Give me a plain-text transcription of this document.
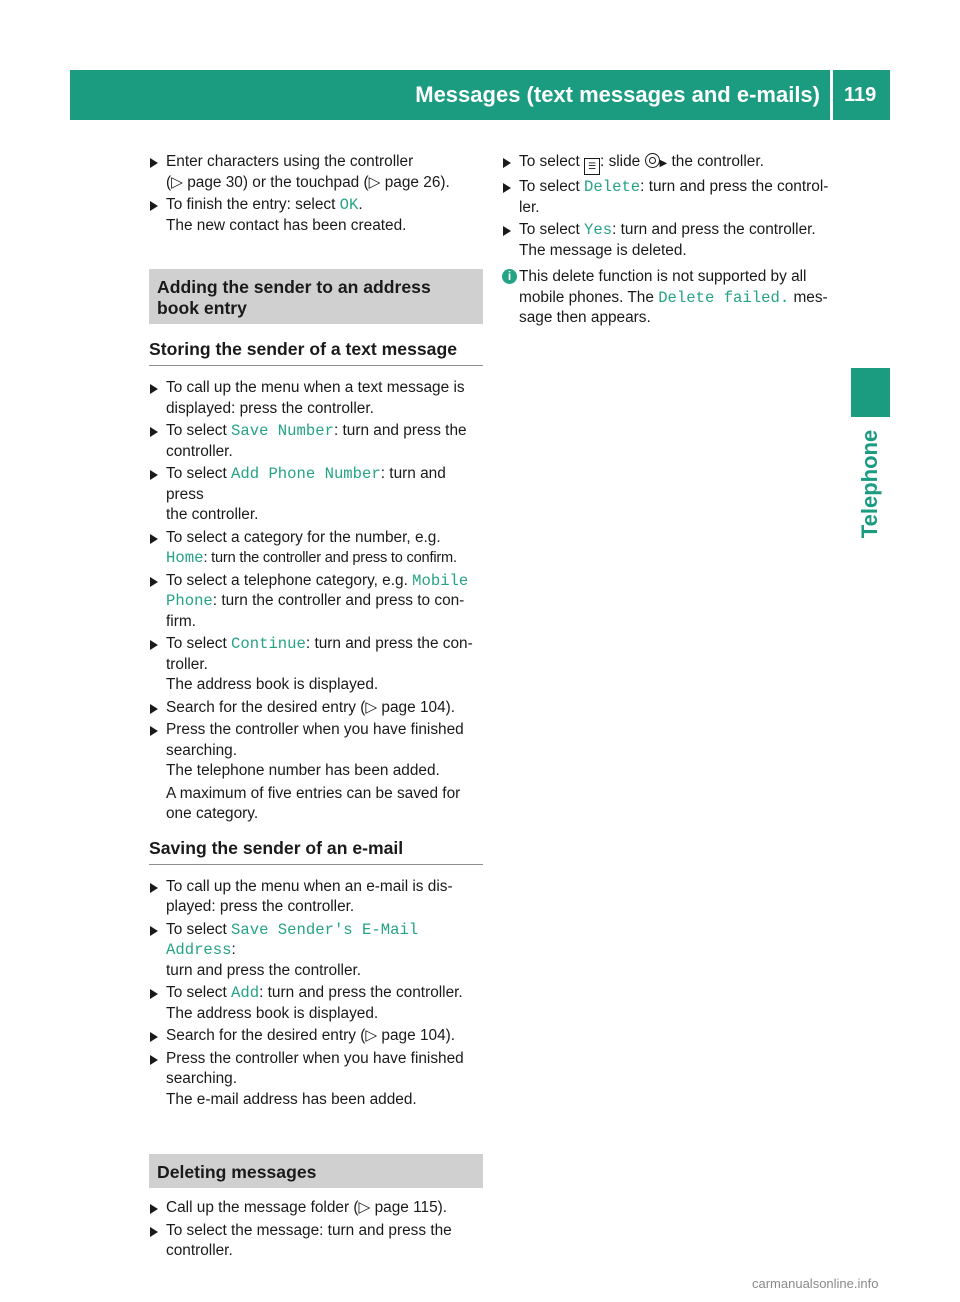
Messages (text messages and e-mails) 119
Telephone
Enter characters using the controller
(▷ page 30) or the touchpad (▷ page 26).
To finish the entry: select OK.
The new contact has been created.
Adding the sender to an address book entry
Storing the sender of a text message
To call up the menu when a text message is
displayed: press the controller.
To select Save Number: turn and press the
controller.
To select Add Phone Number: turn and press
the controller.
To select a category for the number, e.g.
Home: turn the controller and press to confirm.
To select a telephone category, e.g. Mobile
Phone: turn the controller and press to con-
firm.
To select Continue: turn and press the con-
troller.
The address book is displayed.
Search for the desired entry (▷ page 104).
Press the controller when you have finished
searching.
The telephone number has been added.
A maximum of five entries can be saved for
one category.
Saving the sender of an e-mail
To call up the menu when an e-mail is dis-
played: press the controller.
To select Save Sender's E-Mail Address:
turn and press the controller.
To select Add: turn and press the controller.
The address book is displayed.
Search for the desired entry (▷ page 104).
Press the controller when you have finished
searching.
The e-mail address has been added.
Deleting messages
Call up the message folder (▷ page 115).
To select the message: turn and press the
controller.
To select ☰ : slide ▶ the controller.
To select Delete: turn and press the control-
ler.
To select Yes: turn and press the controller.
The message is deleted.
i This delete function is not supported by all
mobile phones. The Delete failed. mes-
sage then appears.
carmanualsonline.info
